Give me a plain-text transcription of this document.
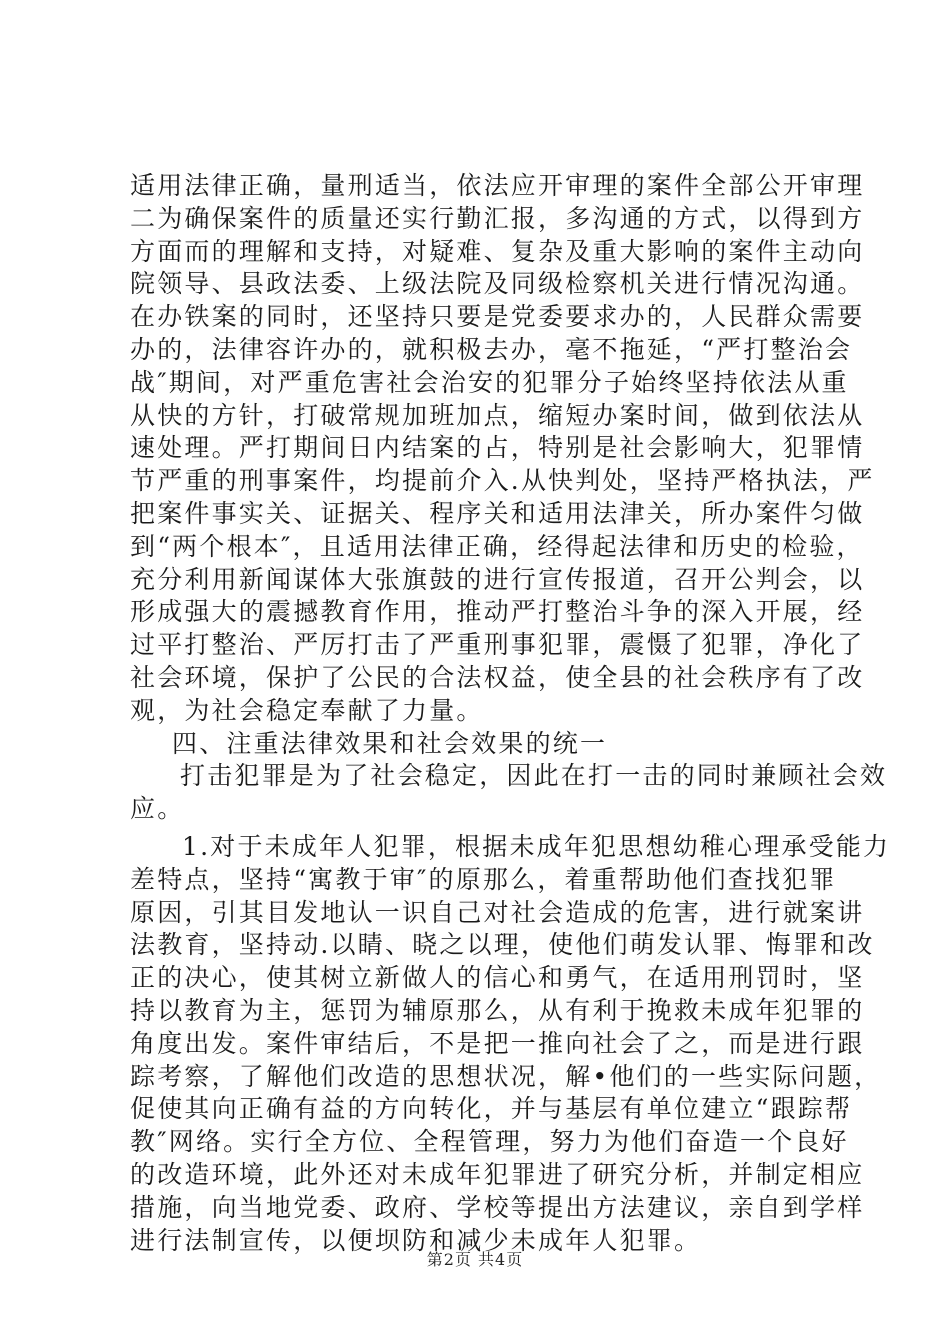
适用法律正确，量刑适当，依法应开审理的案件全部公开审理
二为确保案件的质量还实行勤汇报，多沟通的方式，以得到方
方面而的理解和支持，对疑难、复杂及重大影响的案件主动向
院领导、县政法委、上级法院及同级检察机关进行情况沟通。
在办铁案的同时，还坚持只要是党委要求办的，人民群众需要
办的，法律容许办的，就积极去办，毫不拖延，“严打整治会
战″期间，对严重危害社会治安的犯罪分子始终坚持依法从重
从快的方针，打破常规加班加点，缩短办案时间，做到依法从
速处理。严打期间日内结案的占，特别是社会影响大，犯罪情
节严重的刑事案件，均提前介入.从快判处，坚持严格执法，严
把案件事实关、证据关、程序关和适用法津关，所办案件匀做
到“两个根本″，且适用法律正确，经得起法律和历史的检验，
充分利用新闻谋体大张旗鼓的进行宣传报道，召开公判会，以
形成强大的震撼教育作用，推动严打整治斗争的深入开展，经
过平打整治、严厉打击了严重刑事犯罪，震慑了犯罪，净化了
社会环境，保护了公民的合法权益，使全县的社会秩序有了改
观，为社会稳定奉献了力量。
四、注重法律效果和社会效果的统一
打击犯罪是为了社会稳定，因此在打一击的同时兼顾社会效
应。
1.对于未成年人犯罪，根据未成年犯思想幼稚心理承受能力
差特点，坚持“寓教于审″的原那么，着重帮助他们查找犯罪
原因，引其目发地认一识自己对社会造成的危害，进行就案讲
法教育，坚持动.以睛、晓之以理，使他们萌发认罪、悔罪和改
正的决心，使其树立新做人的信心和勇气，在适用刑罚时，坚
持以教育为主，惩罚为辅原那么，从有利于挽救未成年犯罪的
角度出发。案件审结后，不是把一推向社会了之，而是进行跟
踪考察，了解他们改造的思想状况，解•他们的一些实际问题，
促使其向正确有益的方向转化，并与基层有单位建立“跟踪帮
教″网络。实行全方位、全程管理，努力为他们奋造一个良好
的改造环境，此外还对未成年犯罪进了研究分析，并制定相应
措施，向当地党委、政府、学校等提出方法建议，亲自到学样
进行法制宣传，以便坝防和减少未成年人犯罪。
第2页 共4页
